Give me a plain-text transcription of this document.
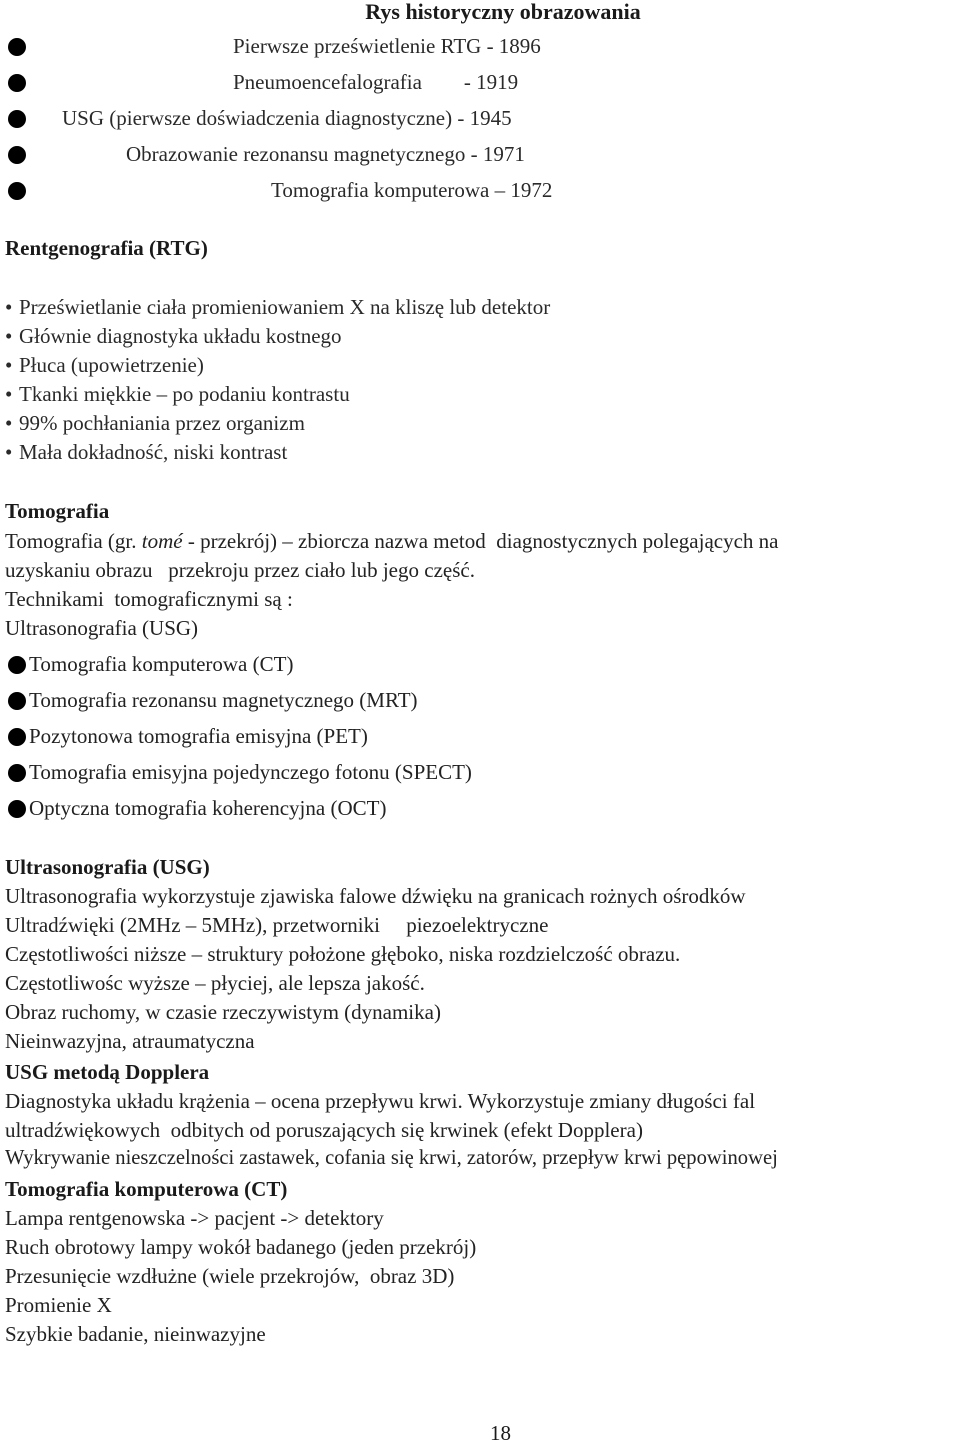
Rys historyczny obrazowania
Pierwsze prześwietlenie RTG - 1896
Pneumoencefalografia        - 1919
USG (pierwsze doświadczenia diagnostyczne) - 1945
Obrazowanie rezonansu magnetycznego - 1971
Tomografia komputerowa – 1972
Rentgenografia (RTG)
• Prześwietlanie ciała promieniowaniem X na kliszę lub detektor
• Głównie diagnostyka układu kostnego
• Płuca (upowietrzenie)
• Tkanki miękkie – po podaniu kontrastu
• 99% pochłaniania przez organizm
• Mała dokładność, niski kontrast
Tomografia
Tomografia (gr. tomé - przekrój) – zbiorcza nazwa metod  diagnostycznych polegających na
uzyskaniu obrazu   przekroju przez ciało lub jego część.
Technikami  tomograficznymi są :
Ultrasonografia (USG)
Tomografia komputerowa (CT)
Tomografia rezonansu magnetycznego (MRT)
Pozytonowa tomografia emisyjna (PET)
Tomografia emisyjna pojedynczego fotonu (SPECT)
Optyczna tomografia koherencyjna (OCT)
Ultrasonografia (USG)
Ultrasonografia wykorzystuje zjawiska falowe dźwięku na granicach rożnych ośrodków
Ultradźwięki (2MHz – 5MHz), przetworniki     piezoelektryczne
Częstotliwości niższe – struktury położone głęboko, niska rozdzielczość obrazu.
Częstotliwośc wyższe – płyciej, ale lepsza jakość.
Obraz ruchomy, w czasie rzeczywistym (dynamika)
Nieinwazyjna, atraumatyczna
USG metodą Dopplera
Diagnostyka układu krążenia – ocena przepływu krwi. Wykorzystuje zmiany długości fal
ultradźwiękowych  odbitych od poruszających się krwinek (efekt Dopplera)
Wykrywanie nieszczelności zastawek, cofania się krwi, zatorów, przepływ krwi pępowinowej
Tomografia komputerowa (CT)
Lampa rentgenowska -> pacjent -> detektory
Ruch obrotowy lampy wokół badanego (jeden przekrój)
Przesunięcie wzdłużne (wiele przekrojów,  obraz 3D)
Promienie X
Szybkie badanie, nieinwazyjne
18
